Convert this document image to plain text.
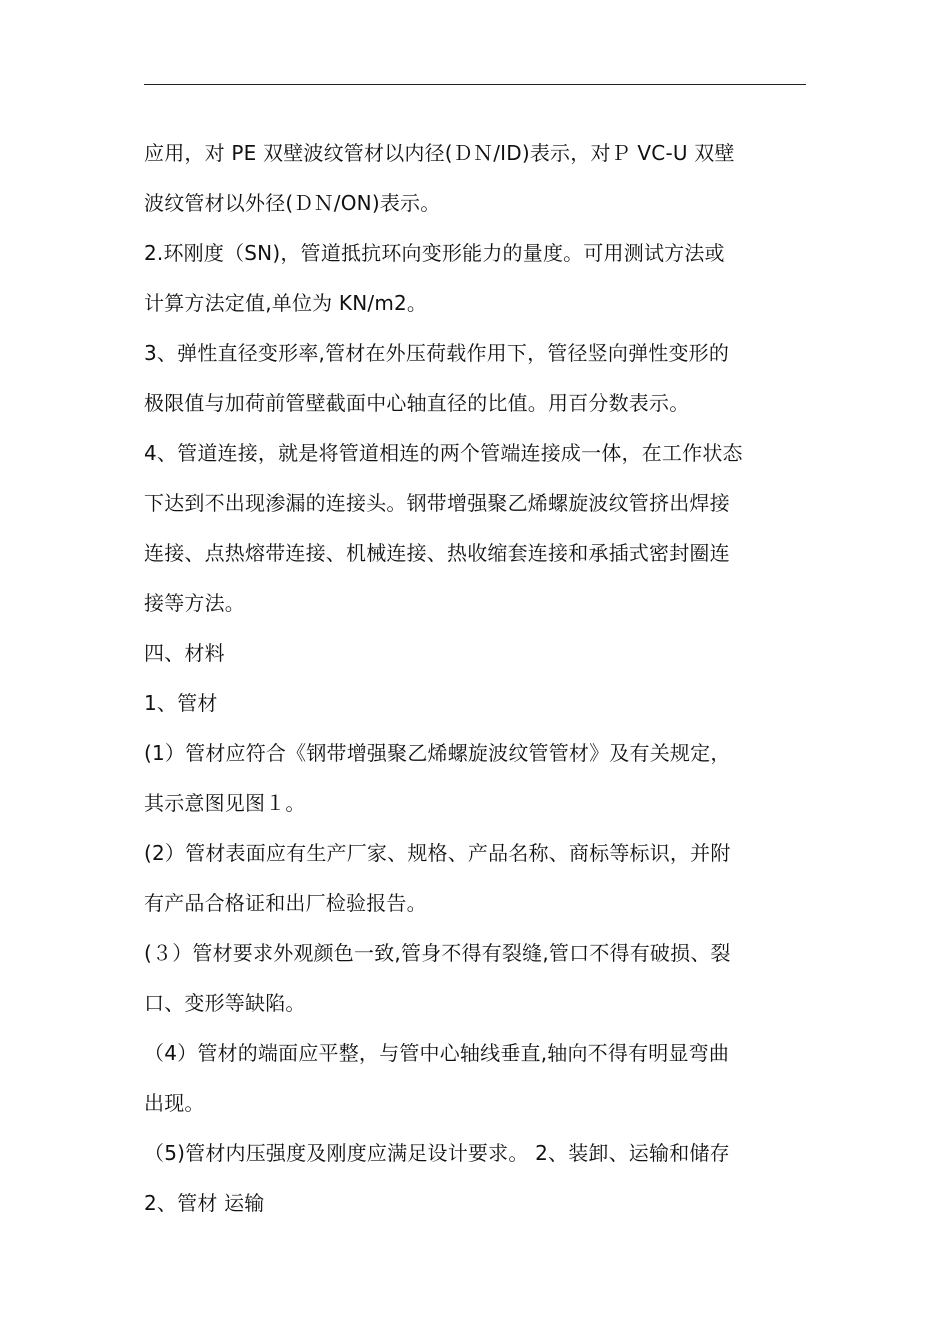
应用，对 PE 双壁波纹管材以内径(ＤＮ/ID)表示，对Ｐ VC-U 双壁
波纹管材以外径(ＤＮ/ON)表示。
2.环刚度（SN)，管道抵抗环向变形能力的量度。可用测试方法或
计算方法定值,单位为 KN/m2。
3、弹性直径变形率,管材在外压荷载作用下，管径竖向弹性变形的
极限值与加荷前管壁截面中心轴直径的比值。用百分数表示。
4、管道连接，就是将管道相连的两个管端连接成一体，在工作状态
下达到不出现渗漏的连接头。钢带增强聚乙烯螺旋波纹管挤出焊接
连接、点热熔带连接、机械连接、热收缩套连接和承插式密封圈连
接等方法。
四、材料
1、管材
(1）管材应符合《钢带增强聚乙烯螺旋波纹管管材》及有关规定，
其示意图见图１。
(2）管材表面应有生产厂家、规格、产品名称、商标等标识，并附
有产品合格证和出厂检验报告。
(３）管材要求外观颜色一致,管身不得有裂缝,管口不得有破损、裂
口、变形等缺陷。
（4）管材的端面应平整，与管中心轴线垂直,轴向不得有明显弯曲
出现。
（5)管材内压强度及刚度应满足设计要求。 2、装卸、运输和储存
2、管材 运输
